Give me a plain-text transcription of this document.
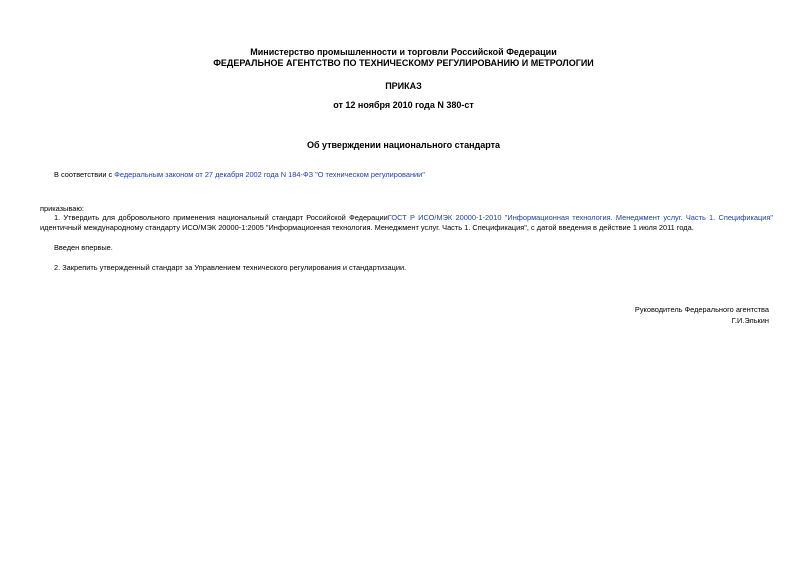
Министерство промышленности и торговли Российской Федерации
ФЕДЕРАЛЬНОЕ АГЕНТСТВО ПО ТЕХНИЧЕСКОМУ РЕГУЛИРОВАНИЮ И МЕТРОЛОГИИ
ПРИКАЗ
от 12 ноября 2010 года N 380-ст
Об утверждении национального стандарта
В соответствии с Федеральным законом от 27 декабря 2002 года N 184-ФЗ "О техническом регулировании"
приказываю:
1. Утвердить для добровольного применения национальный стандарт Российской ФедерацииГОСТ Р ИСО/МЭК 20000-1-2010 "Информационная технология. Менеджмент услуг. Часть 1. Спецификация"
идентичный международному стандарту ИСО/МЭК 20000-1:2005 "Информационная технология. Менеджмент услуг. Часть 1. Спецификация", с датой введения в действие 1 июля 2011 года.
Введен впервые.
2. Закрепить утвержденный стандарт за Управлением технического регулирования и стандартизации.
Руководитель Федерального агентства
Г.И.Элькин
